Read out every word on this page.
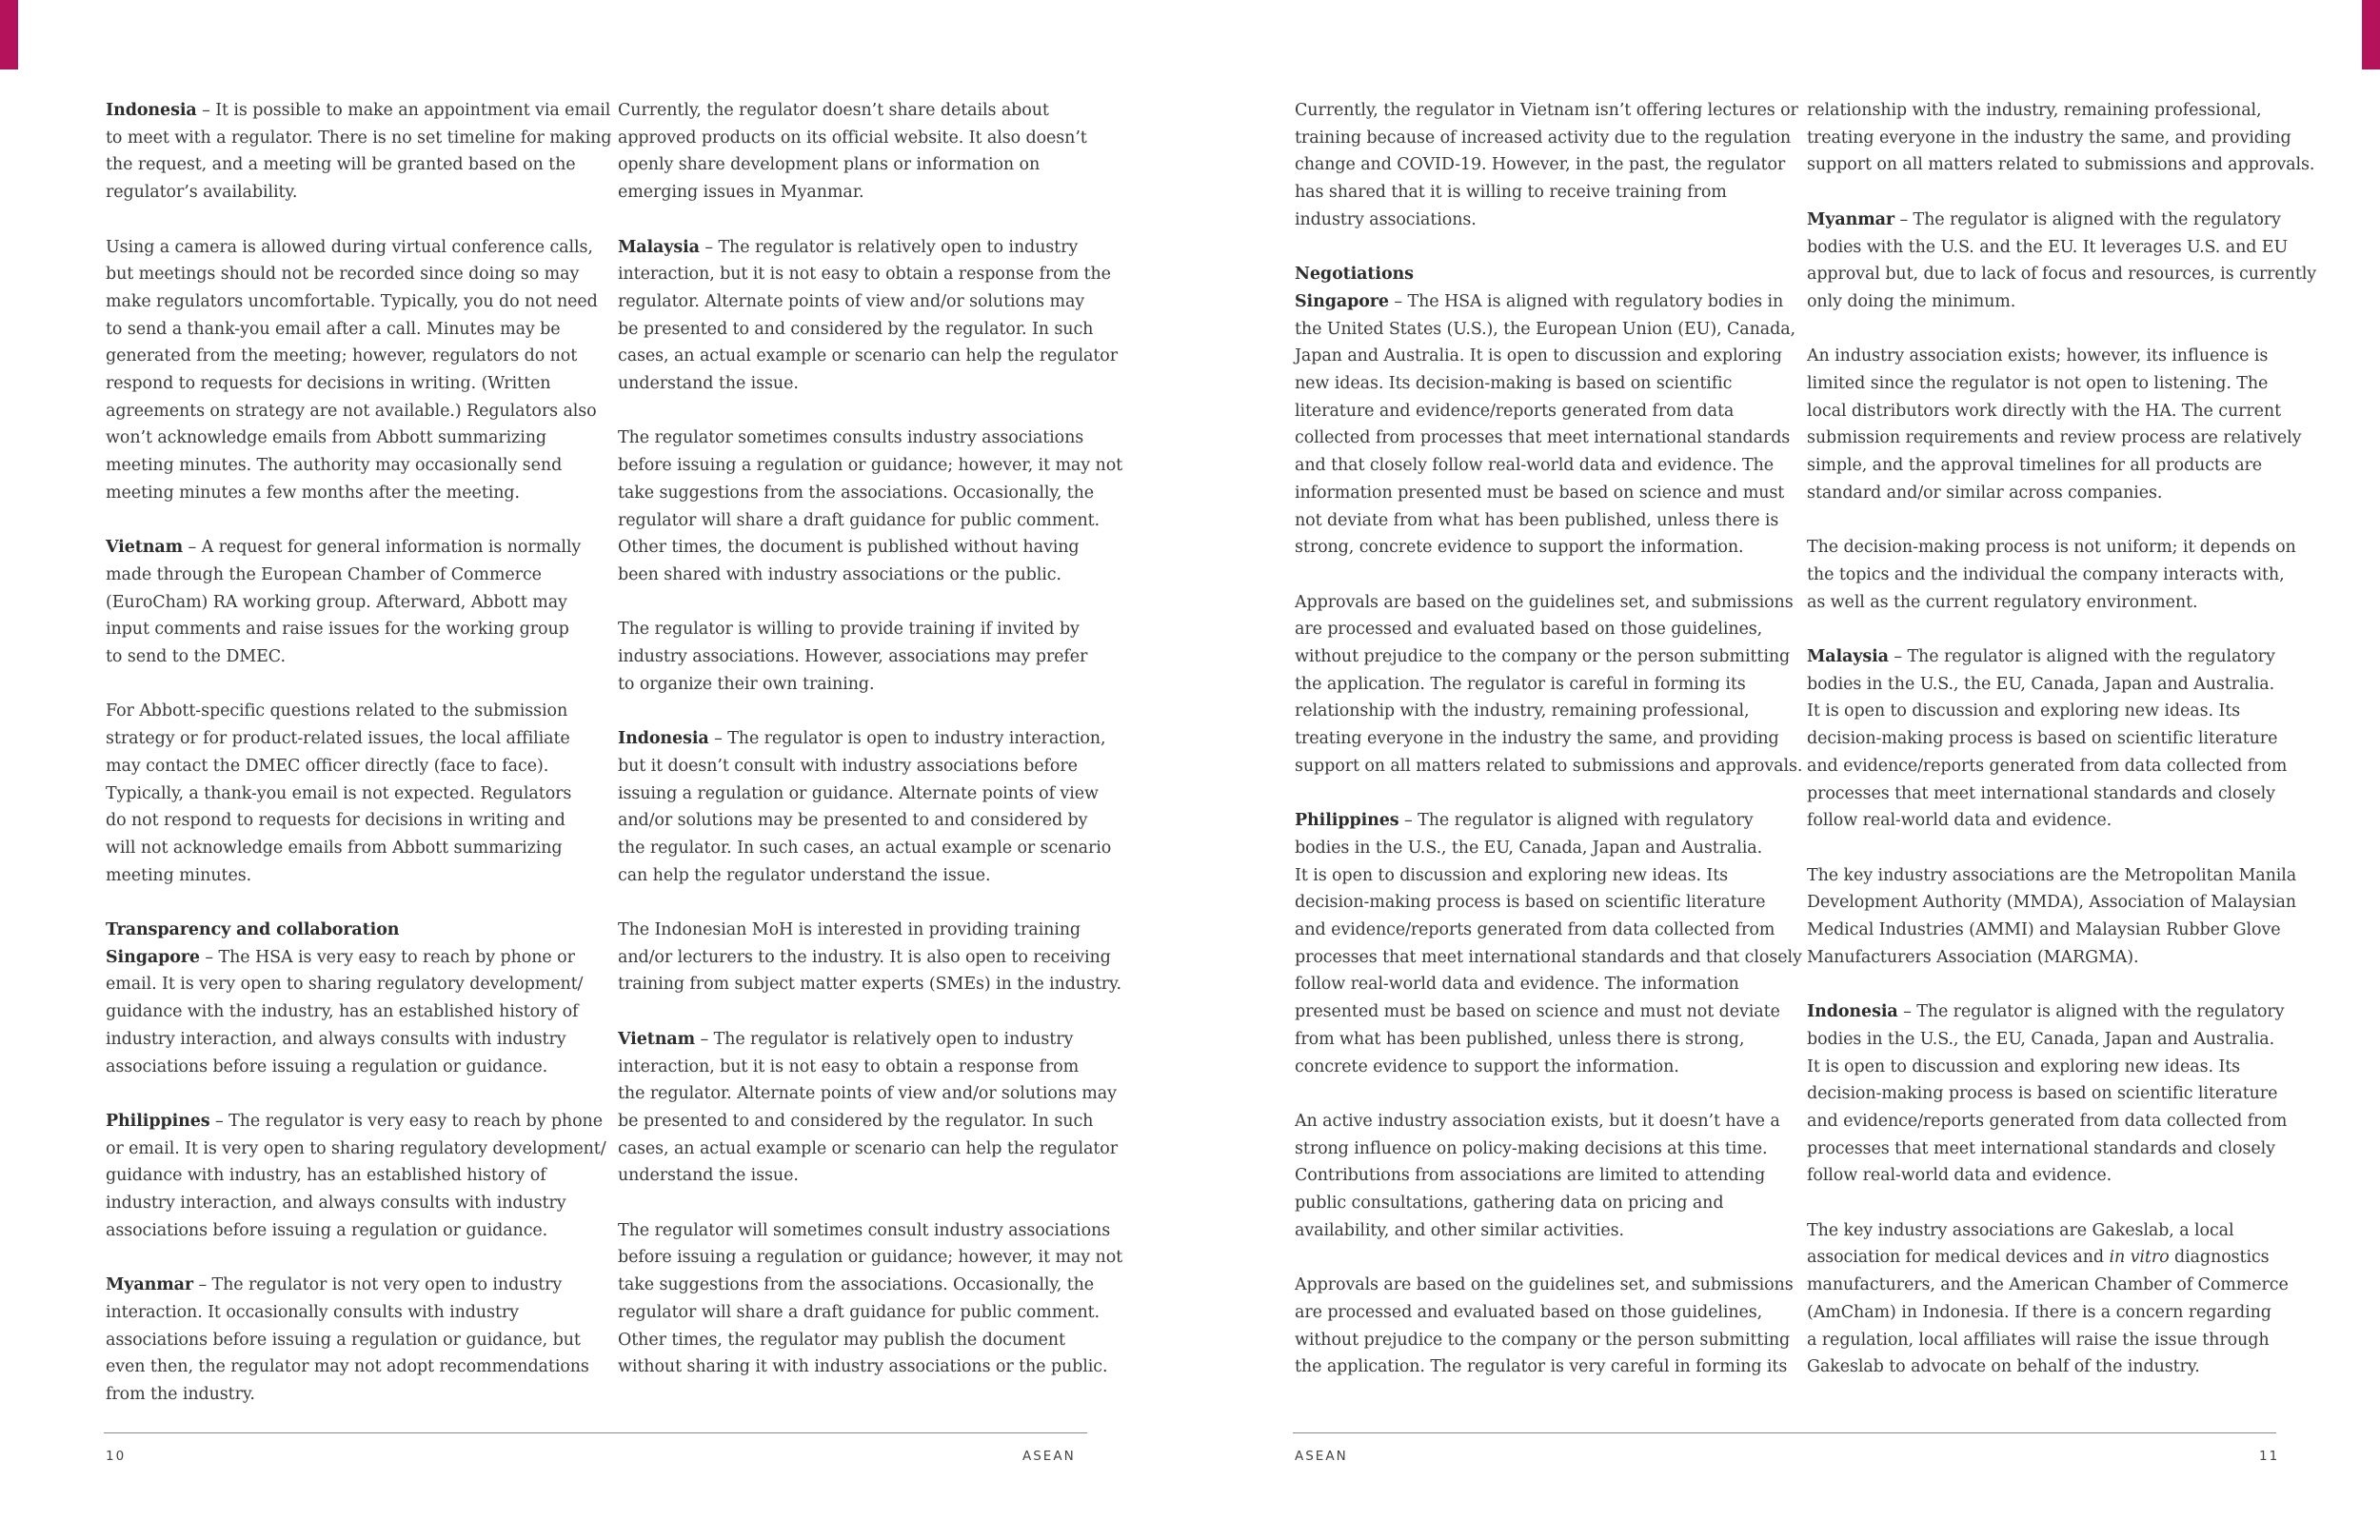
Indonesia – It is possible to make an appointment via email
to meet with a regulator. There is no set timeline for making
the request, and a meeting will be granted based on the
regulator’s availability.
Using a camera is allowed during virtual conference calls,
but meetings should not be recorded since doing so may
make regulators uncomfortable. Typically, you do not need
to send a thank-you email after a call. Minutes may be
generated from the meeting; however, regulators do not
respond to requests for decisions in writing. (Written
agreements on strategy are not available.) Regulators also
won’t acknowledge emails from Abbott summarizing
meeting minutes. The authority may occasionally send
meeting minutes a few months after the meeting.
Vietnam – A request for general information is normally
made through the European Chamber of Commerce
(EuroCham) RA working group. Afterward, Abbott may
input comments and raise issues for the working group
to send to the DMEC.
For Abbott-specific questions related to the submission
strategy or for product-related issues, the local affiliate
may contact the DMEC officer directly (face to face).
Typically, a thank-you email is not expected. Regulators
do not respond to requests for decisions in writing and
will not acknowledge emails from Abbott summarizing
meeting minutes.
Transparency and collaboration
Singapore – The HSA is very easy to reach by phone or
email. It is very open to sharing regulatory development/
guidance with the industry, has an established history of
industry interaction, and always consults with industry
associations before issuing a regulation or guidance.
Philippines – The regulator is very easy to reach by phone
or email. It is very open to sharing regulatory development/
guidance with industry, has an established history of
industry interaction, and always consults with industry
associations before issuing a regulation or guidance.
Myanmar – The regulator is not very open to industry
interaction. It occasionally consults with industry
associations before issuing a regulation or guidance, but
even then, the regulator may not adopt recommendations
from the industry.
Currently, the regulator doesn’t share details about
approved products on its official website. It also doesn’t
openly share development plans or information on
emerging issues in Myanmar.
Malaysia – The regulator is relatively open to industry
interaction, but it is not easy to obtain a response from the
regulator. Alternate points of view and/or solutions may
be presented to and considered by the regulator. In such
cases, an actual example or scenario can help the regulator
understand the issue.
The regulator sometimes consults industry associations
before issuing a regulation or guidance; however, it may not
take suggestions from the associations. Occasionally, the
regulator will share a draft guidance for public comment.
Other times, the document is published without having
been shared with industry associations or the public.
The regulator is willing to provide training if invited by
industry associations. However, associations may prefer
to organize their own training.
Indonesia – The regulator is open to industry interaction,
but it doesn’t consult with industry associations before
issuing a regulation or guidance. Alternate points of view
and/or solutions may be presented to and considered by
the regulator. In such cases, an actual example or scenario
can help the regulator understand the issue.
The Indonesian MoH is interested in providing training
and/or lecturers to the industry. It is also open to receiving
training from subject matter experts (SMEs) in the industry.
Vietnam – The regulator is relatively open to industry
interaction, but it is not easy to obtain a response from
the regulator. Alternate points of view and/or solutions may
be presented to and considered by the regulator. In such
cases, an actual example or scenario can help the regulator
understand the issue.
The regulator will sometimes consult industry associations
before issuing a regulation or guidance; however, it may not
take suggestions from the associations. Occasionally, the
regulator will share a draft guidance for public comment.
Other times, the regulator may publish the document
without sharing it with industry associations or the public.
Currently, the regulator in Vietnam isn’t offering lectures or
training because of increased activity due to the regulation
change and COVID-19. However, in the past, the regulator
has shared that it is willing to receive training from
industry associations.
Negotiations
Singapore – The HSA is aligned with regulatory bodies in
the United States (U.S.), the European Union (EU), Canada,
Japan and Australia. It is open to discussion and exploring
new ideas. Its decision-making is based on scientific
literature and evidence/reports generated from data
collected from processes that meet international standards
and that closely follow real-world data and evidence. The
information presented must be based on science and must
not deviate from what has been published, unless there is
strong, concrete evidence to support the information.
Approvals are based on the guidelines set, and submissions
are processed and evaluated based on those guidelines,
without prejudice to the company or the person submitting
the application. The regulator is careful in forming its
relationship with the industry, remaining professional,
treating everyone in the industry the same, and providing
support on all matters related to submissions and approvals.
Philippines – The regulator is aligned with regulatory
bodies in the U.S., the EU, Canada, Japan and Australia.
It is open to discussion and exploring new ideas. Its
decision-making process is based on scientific literature
and evidence/reports generated from data collected from
processes that meet international standards and that closely
follow real-world data and evidence. The information
presented must be based on science and must not deviate
from what has been published, unless there is strong,
concrete evidence to support the information.
An active industry association exists, but it doesn’t have a
strong influence on policy-making decisions at this time.
Contributions from associations are limited to attending
public consultations, gathering data on pricing and
availability, and other similar activities.
Approvals are based on the guidelines set, and submissions
are processed and evaluated based on those guidelines,
without prejudice to the company or the person submitting
the application. The regulator is very careful in forming its
relationship with the industry, remaining professional,
treating everyone in the industry the same, and providing
support on all matters related to submissions and approvals.
Myanmar – The regulator is aligned with the regulatory
bodies with the U.S. and the EU. It leverages U.S. and EU
approval but, due to lack of focus and resources, is currently
only doing the minimum.
An industry association exists; however, its influence is
limited since the regulator is not open to listening. The
local distributors work directly with the HA. The current
submission requirements and review process are relatively
simple, and the approval timelines for all products are
standard and/or similar across companies.
The decision-making process is not uniform; it depends on
the topics and the individual the company interacts with,
as well as the current regulatory environment.
Malaysia – The regulator is aligned with the regulatory
bodies in the U.S., the EU, Canada, Japan and Australia.
It is open to discussion and exploring new ideas. Its
decision-making process is based on scientific literature
and evidence/reports generated from data collected from
processes that meet international standards and closely
follow real-world data and evidence.
The key industry associations are the Metropolitan Manila
Development Authority (MMDA), Association of Malaysian
Medical Industries (AMMI) and Malaysian Rubber Glove
Manufacturers Association (MARGMA).
Indonesia – The regulator is aligned with the regulatory
bodies in the U.S., the EU, Canada, Japan and Australia.
It is open to discussion and exploring new ideas. Its
decision-making process is based on scientific literature
and evidence/reports generated from data collected from
processes that meet international standards and closely
follow real-world data and evidence.
The key industry associations are Gakeslab, a local
association for medical devices and in vitro diagnostics
manufacturers, and the American Chamber of Commerce
(AmCham) in Indonesia. If there is a concern regarding
a regulation, local affiliates will raise the issue through
Gakeslab to advocate on behalf of the industry.
10	ASEAN	ASEAN	11
